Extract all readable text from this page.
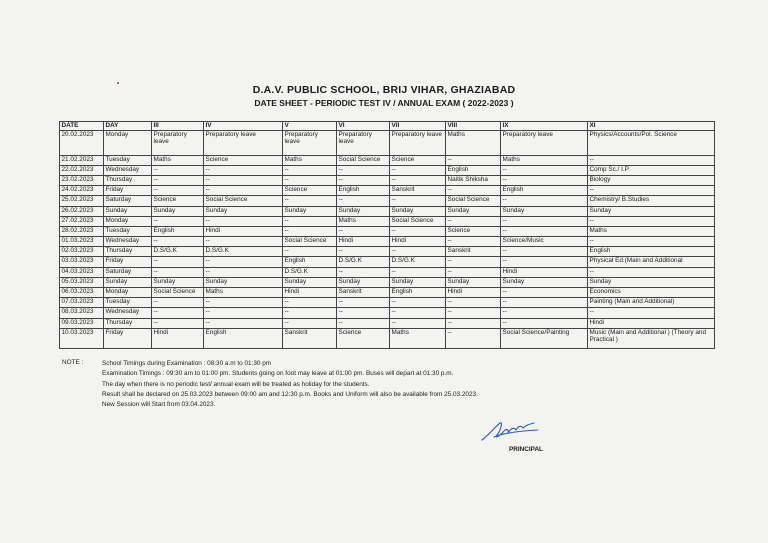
D.A.V. PUBLIC SCHOOL, BRIJ VIHAR, GHAZIABAD
DATE SHEET - PERIODIC TEST IV / ANNUAL EXAM ( 2022-2023 )
DATE	DAY	III	IV	V	VI	VII	VIII	IX	XI
20.02.2023	Monday	Preparatory leave	Preparatory leave	Preparatory leave	Preparatory leave	Preparatory leave	Maths	Preparatory leave	Physics/Accounts/Pol. Science
21.02.2023	Tuesday	Maths	Science	Maths	Social Science	Science	--	Maths	--
22.02.2023	Wednesday	--	--	--	--	--	English	--	Comp Sc./ I.P
23.02.2023	Thursday	--	--	--	--	--	Naitik Shiksha	--	Biology
24.02.2023	Friday	--	--	Science	English	Sanskrit	--	English	--
25.02.2023	Saturday	Science	Social Science	--	--	--	Social Science	--	Chemistry/ B.Studies
26.02.2023	Sunday	Sunday	Sunday	Sunday	Sunday	Sunday	Sunday	Sunday	Sunday
27.02.2023	Monday	--	--	--	Maths	Social Science	--	--	--
28.02.2023	Tuesday	English	Hindi	--	--	--	Science	--	Maths
01.03.2023	Wednesday	--	--	Social Science	Hindi	Hindi	--	Science/Music	--
02.03.2023	Thursday	D.S/G.K	D.S/G.K	--	--	--	Sanskrit	--	English
03.03.2023	Friday	--	--	English	D.S/G.K	D.S/G.K	--	--	Physical Ed.(Main and Additional
04.03.2023	Saturday	--	--	D.S/G.K	--	--	--	Hindi	--
05.03.2023	Sunday	Sunday	Sunday	Sunday	Sunday	Sunday	Sunday	Sunday	Sunday
06.03.2023	Monday	Social Science	Maths	Hindi	Sanskrit	English	Hindi	--	Economics
07.03.2023	Tuesday	--	--	--	--	--	--	--	Painting (Main and Additional)
08.03.2023	Wednesday	--	--	--	--	--	--	--	--
09.03.2023	Thursday	--	--	--	--	--	--	--	Hindi
10.03.2023	Friday	Hindi	English	Sanskrit	Science	Maths	--	Social Science/Painting	Music (Main and Additional ) (Theory and Practical )
NOTE :	School Timings during Examination : 08:30 a.m to 01:30 pm
Examination Timings : 09:30 am to 01:00 pm. Students going on foot may leave at 01:00 pm. Buses will depart at 01:30 p.m.
The day when there is no periodic test/ annual exam will be treated as holiday for the students.
Result shall be declared on 25.03.2023 between 09:00 am and 12:30 p.m. Books and Uniform will also be available from 25.03.2023.
New Session will Start from 03.04.2023.
PRINCIPAL
